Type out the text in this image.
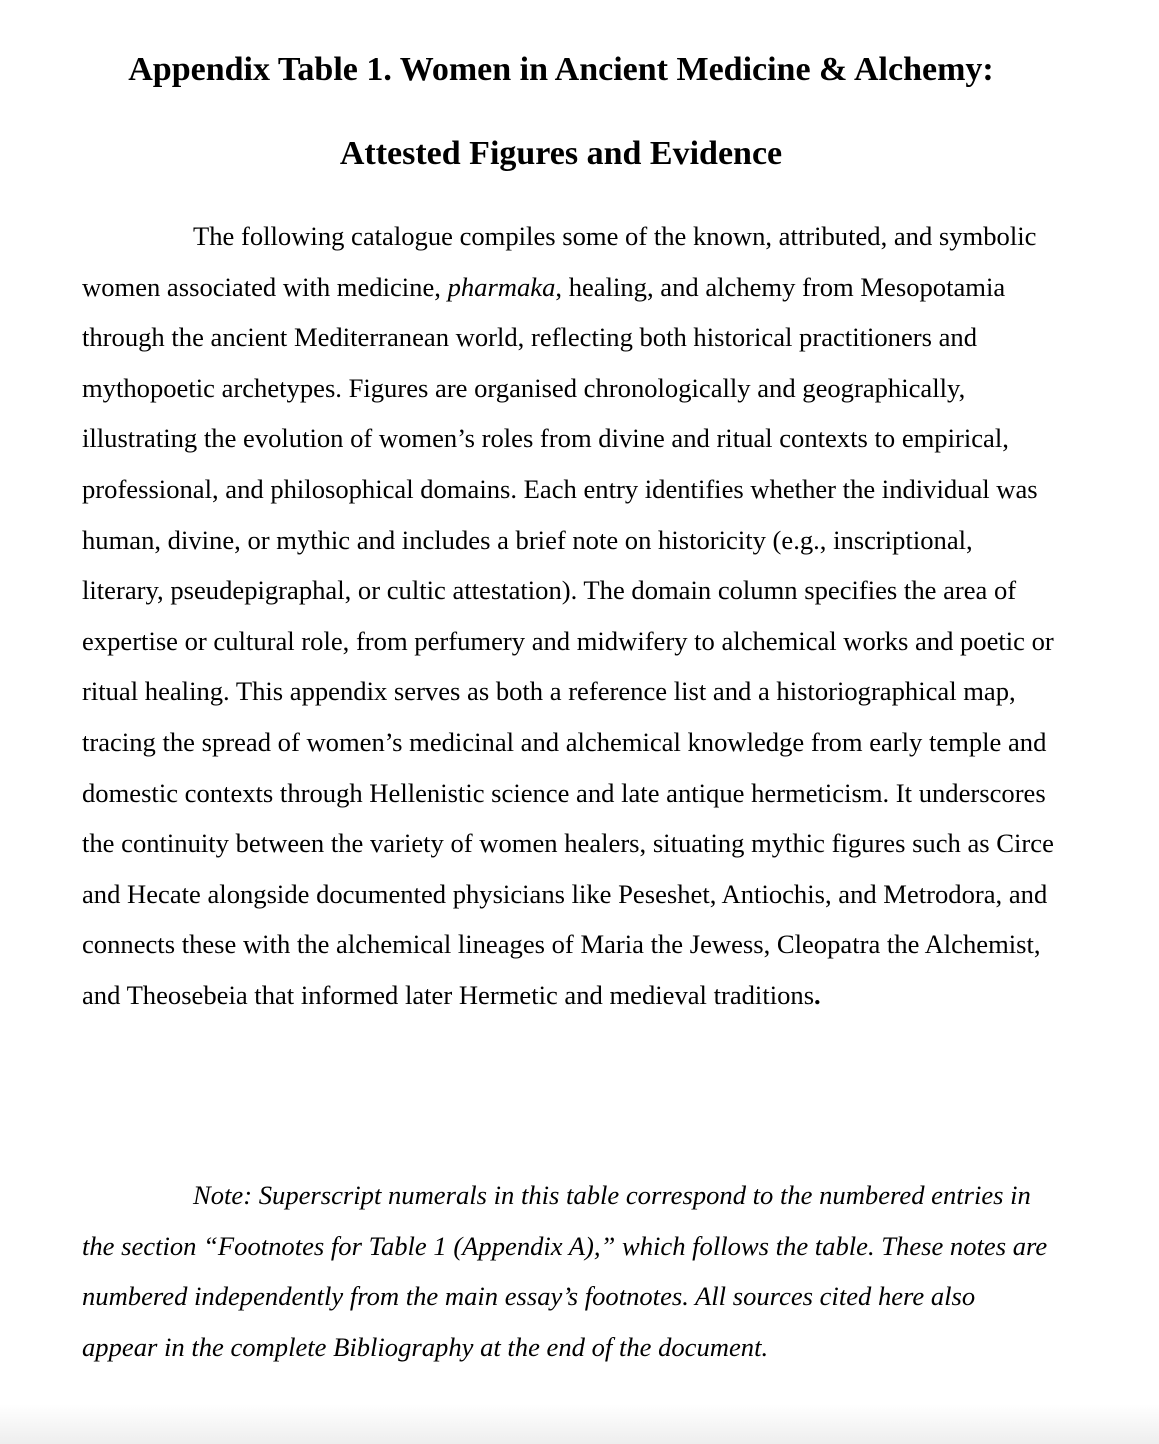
Appendix Table 1. Women in Ancient Medicine & Alchemy:
Attested Figures and Evidence

The following catalogue compiles some of the known, attributed, and symbolic women associated with medicine, pharmaka, healing, and alchemy from Mesopotamia through the ancient Mediterranean world, reflecting both historical practitioners and mythopoetic archetypes. Figures are organised chronologically and geographically, illustrating the evolution of women’s roles from divine and ritual contexts to empirical, professional, and philosophical domains. Each entry identifies whether the individual was human, divine, or mythic and includes a brief note on historicity (e.g., inscriptional, literary, pseudepigraphal, or cultic attestation). The domain column specifies the area of expertise or cultural role, from perfumery and midwifery to alchemical works and poetic or ritual healing. This appendix serves as both a reference list and a historiographical map, tracing the spread of women’s medicinal and alchemical knowledge from early temple and domestic contexts through Hellenistic science and late antique hermeticism. It underscores the continuity between the variety of women healers, situating mythic figures such as Circe and Hecate alongside documented physicians like Peseshet, Antiochis, and Metrodora, and connects these with the alchemical lineages of Maria the Jewess, Cleopatra the Alchemist, and Theosebeia that informed later Hermetic and medieval traditions.

Note: Superscript numerals in this table correspond to the numbered entries in the section “Footnotes for Table 1 (Appendix A),” which follows the table. These notes are numbered independently from the main essay’s footnotes. All sources cited here also appear in the complete Bibliography at the end of the document.
